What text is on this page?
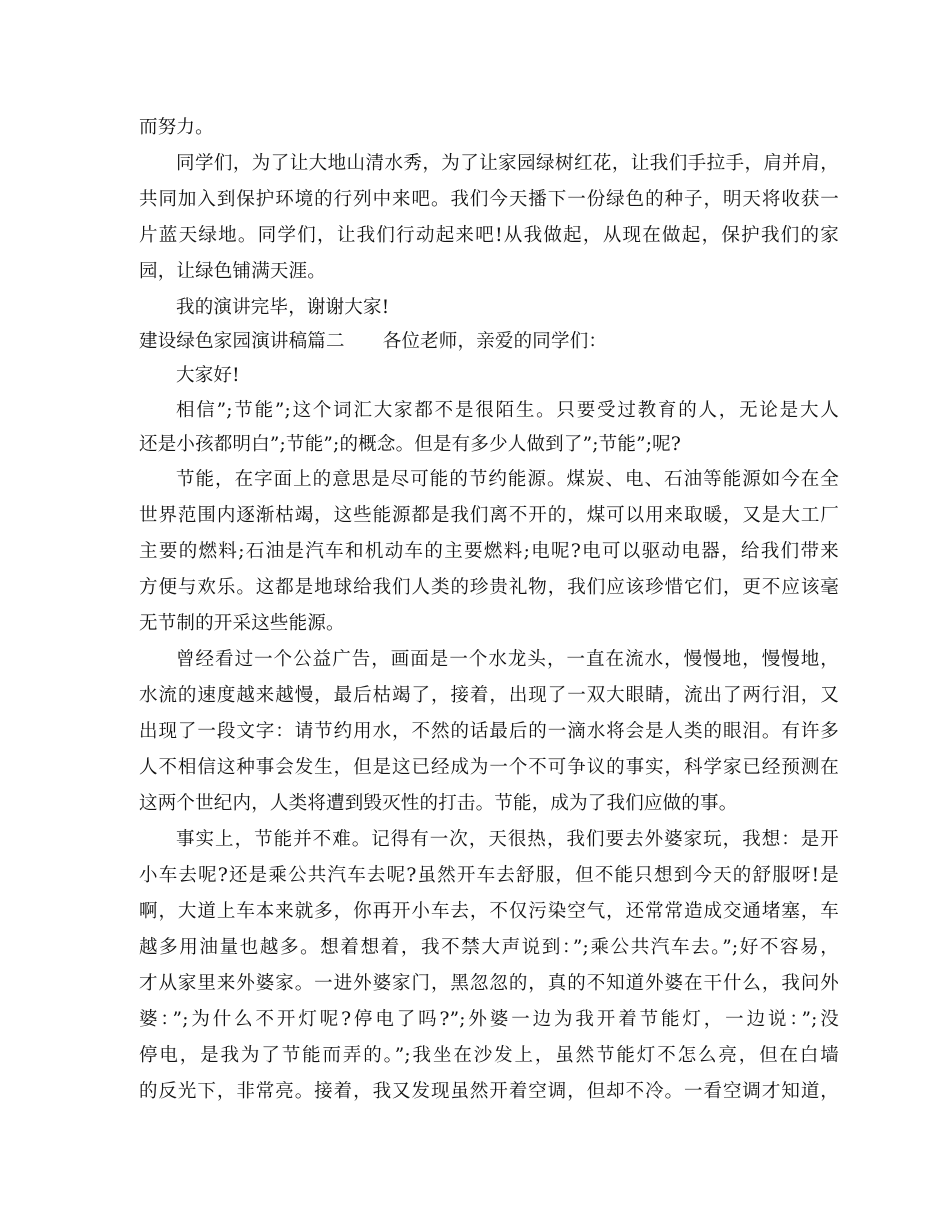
而努力。
同学们，为了让大地山清水秀，为了让家园绿树红花，让我们手拉手，肩并肩，
共同加入到保护环境的行列中来吧。我们今天播下一份绿色的种子，明天将收获一
片蓝天绿地。同学们，让我们行动起来吧!从我做起，从现在做起，保护我们的家
园，让绿色铺满天涯。
我的演讲完毕，谢谢大家!
建设绿色家园演讲稿篇二 各位老师，亲爱的同学们：
大家好!
相信”;节能”;这个词汇大家都不是很陌生。只要受过教育的人，无论是大人
还是小孩都明白”;节能”;的概念。但是有多少人做到了”;节能”;呢?
节能，在字面上的意思是尽可能的节约能源。煤炭、电、石油等能源如今在全
世界范围内逐渐枯竭，这些能源都是我们离不开的，煤可以用来取暖，又是大工厂
主要的燃料;石油是汽车和机动车的主要燃料;电呢?电可以驱动电器，给我们带来
方便与欢乐。这都是地球给我们人类的珍贵礼物，我们应该珍惜它们，更不应该毫
无节制的开采这些能源。
曾经看过一个公益广告，画面是一个水龙头，一直在流水，慢慢地，慢慢地，
水流的速度越来越慢，最后枯竭了，接着，出现了一双大眼睛，流出了两行泪，又
出现了一段文字：请节约用水，不然的话最后的一滴水将会是人类的眼泪。有许多
人不相信这种事会发生，但是这已经成为一个不可争议的事实，科学家已经预测在
这两个世纪内，人类将遭到毁灭性的打击。节能，成为了我们应做的事。
事实上，节能并不难。记得有一次，天很热，我们要去外婆家玩，我想：是开
小车去呢?还是乘公共汽车去呢?虽然开车去舒服，但不能只想到今天的舒服呀!是
啊，大道上车本来就多，你再开小车去，不仅污染空气，还常常造成交通堵塞，车
越多用油量也越多。想着想着，我不禁大声说到：”;乘公共汽车去。”;好不容易，
才从家里来外婆家。一进外婆家门，黑忽忽的，真的不知道外婆在干什么，我问外
婆：”;为什么不开灯呢?停电了吗?”;外婆一边为我开着节能灯，一边说：”;没
停电，是我为了节能而弄的。”;我坐在沙发上，虽然节能灯不怎么亮，但在白墙
的反光下，非常亮。接着，我又发现虽然开着空调，但却不冷。一看空调才知道，
